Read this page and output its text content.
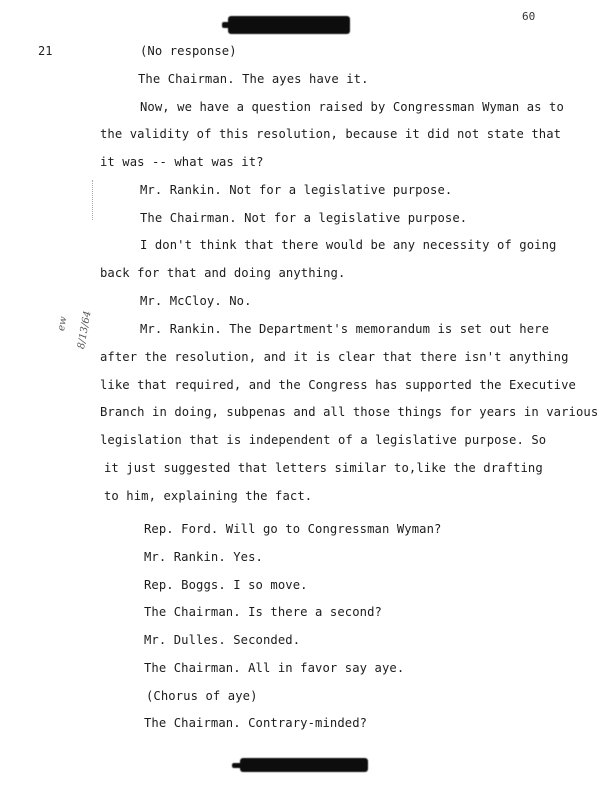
60
21
8/13/64
ew
(No response)
The Chairman. The ayes have it.
Now, we have a question raised by Congressman Wyman as to
the validity of this resolution, because it did not state that
it was -- what was it?
Mr. Rankin. Not for a legislative purpose.
The Chairman. Not for a legislative purpose.
I don't think that there would be any necessity of going
back for that and doing anything.
Mr. McCloy. No.
Mr. Rankin. The Department's memorandum is set out here
after the resolution, and it is clear that there isn't anything
like that required, and the Congress has supported the Executive
Branch in doing, subpenas and all those things for years in various
legislation that is independent of a legislative purpose. So
it just suggested that letters similar to,like the drafting
to him, explaining the fact.
Rep. Ford. Will go to Congressman Wyman?
Mr. Rankin. Yes.
Rep. Boggs. I so move.
The Chairman. Is there a second?
Mr. Dulles. Seconded.
The Chairman. All in favor say aye.
(Chorus of aye)
The Chairman. Contrary-minded?
